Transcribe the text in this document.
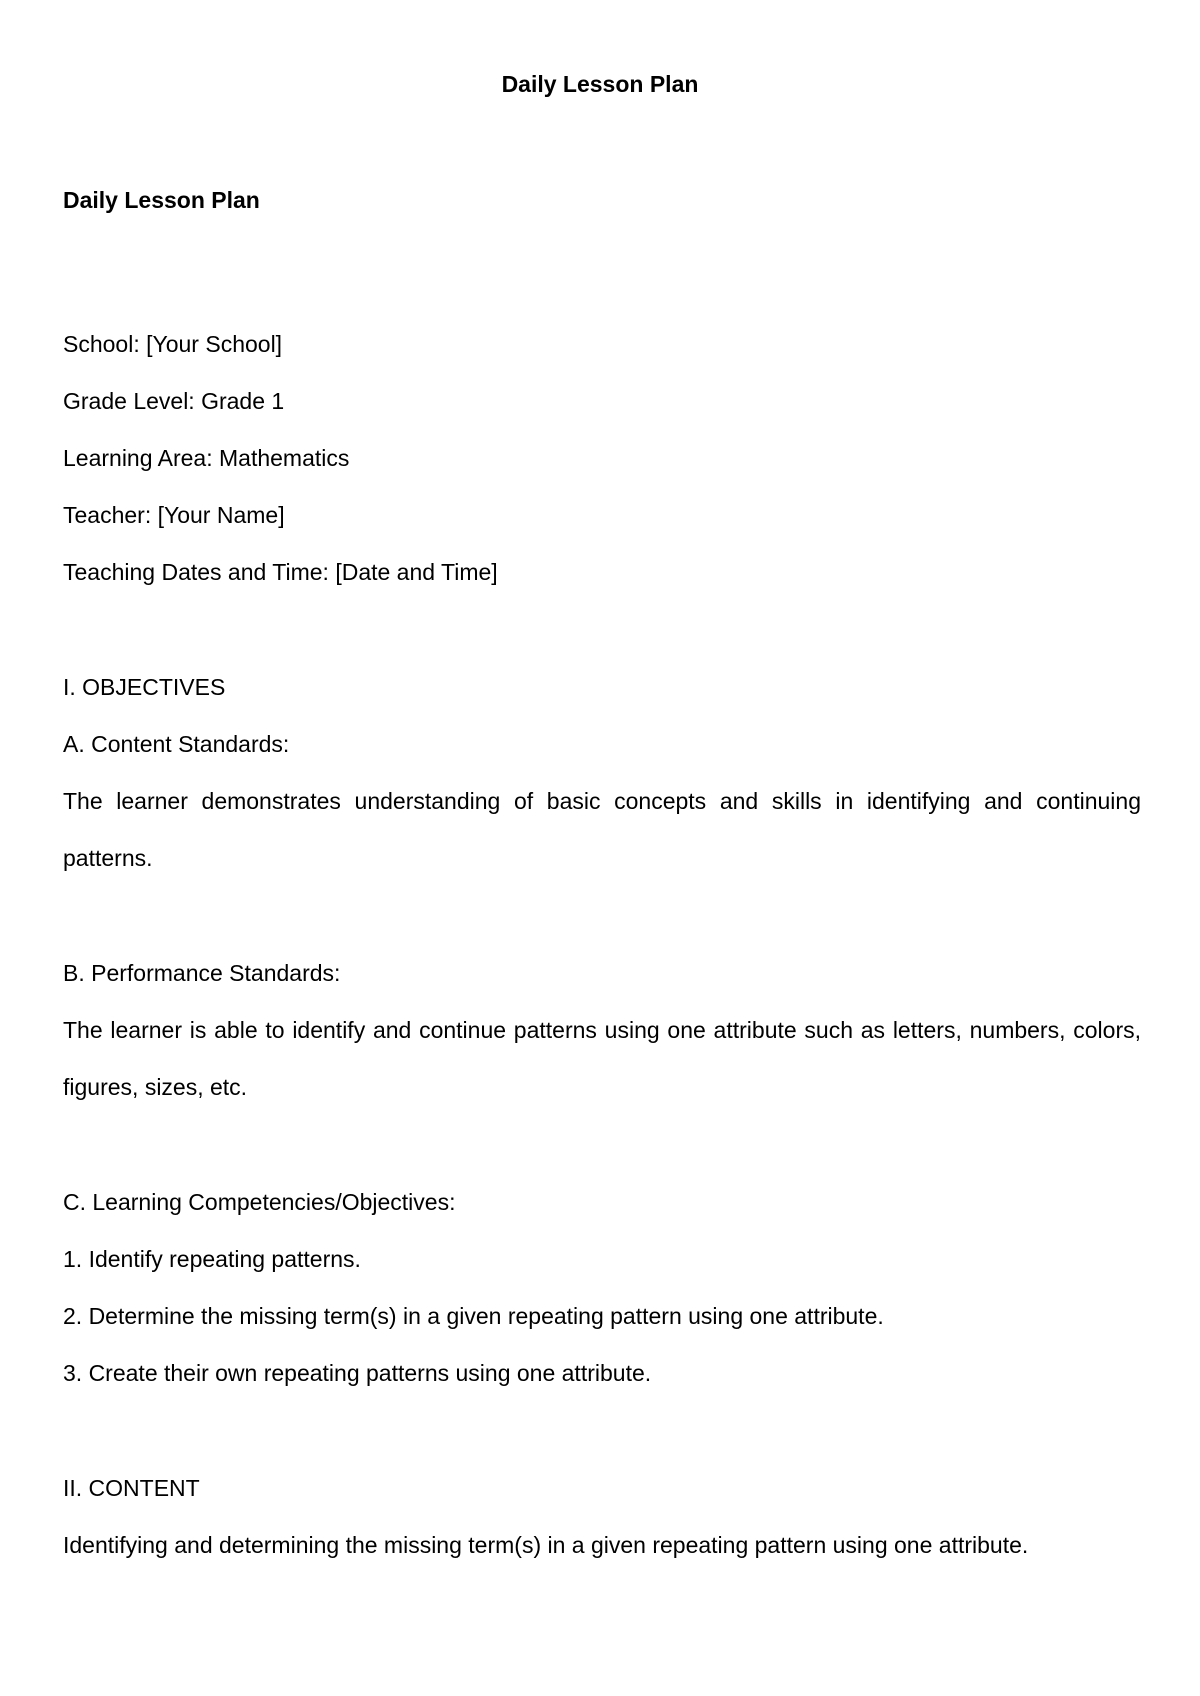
Daily Lesson Plan
Daily Lesson Plan
School: [Your School]
Grade Level: Grade 1
Learning Area: Mathematics
Teacher: [Your Name]
Teaching Dates and Time: [Date and Time]
I. OBJECTIVES
A. Content Standards:
The learner demonstrates understanding of basic concepts and skills in identifying and continuing patterns.
B. Performance Standards:
The learner is able to identify and continue patterns using one attribute such as letters, numbers, colors, figures, sizes, etc.
C. Learning Competencies/Objectives:
1. Identify repeating patterns.
2. Determine the missing term(s) in a given repeating pattern using one attribute.
3. Create their own repeating patterns using one attribute.
II. CONTENT
Identifying and determining the missing term(s) in a given repeating pattern using one attribute.
